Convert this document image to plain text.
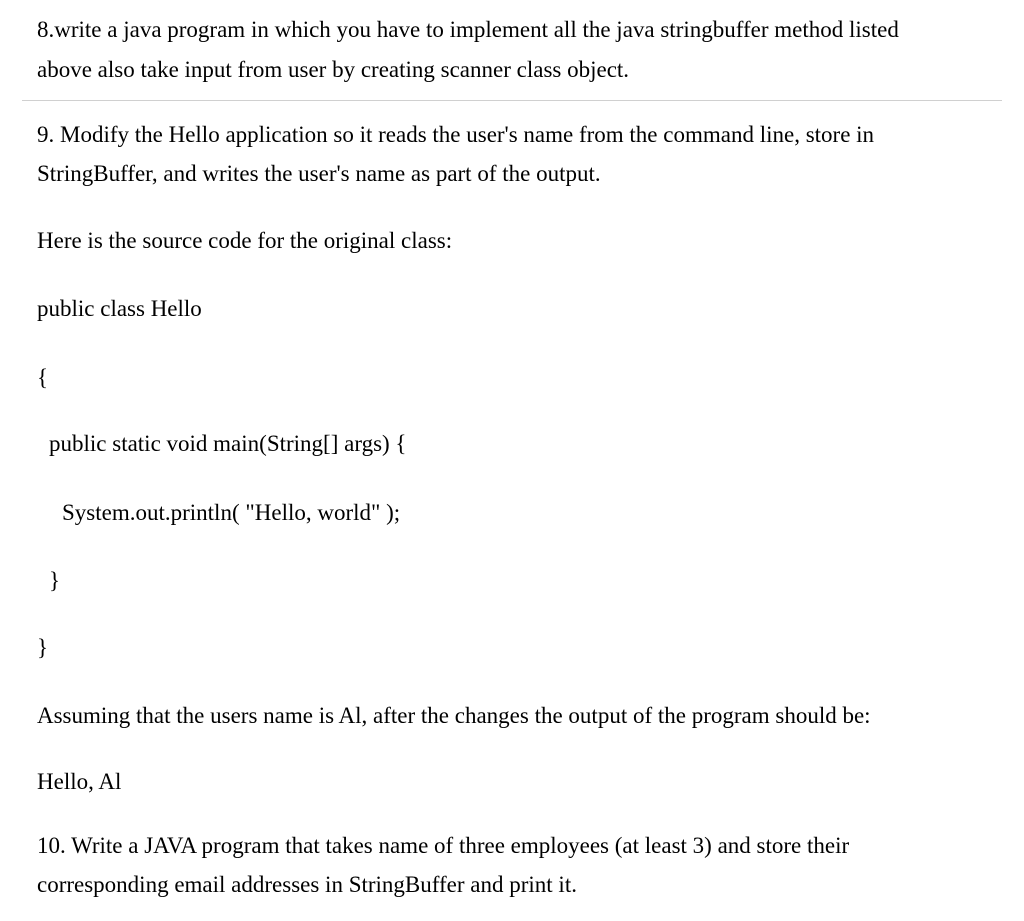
8.write a java program in which you have to implement all the java stringbuffer method listed
above also take input from user by creating scanner class object.
9. Modify the Hello application so it reads the user's name from the command line, store in
StringBuffer, and writes the user's name as part of the output.
Here is the source code for the original class:
public class Hello
{
public static void main(String[] args) {
System.out.println( "Hello, world" );
}
}
Assuming that the users name is Al, after the changes the output of the program should be:
Hello, Al
10. Write a JAVA program that takes name of three employees (at least 3) and store their
corresponding email addresses in StringBuffer and print it.
